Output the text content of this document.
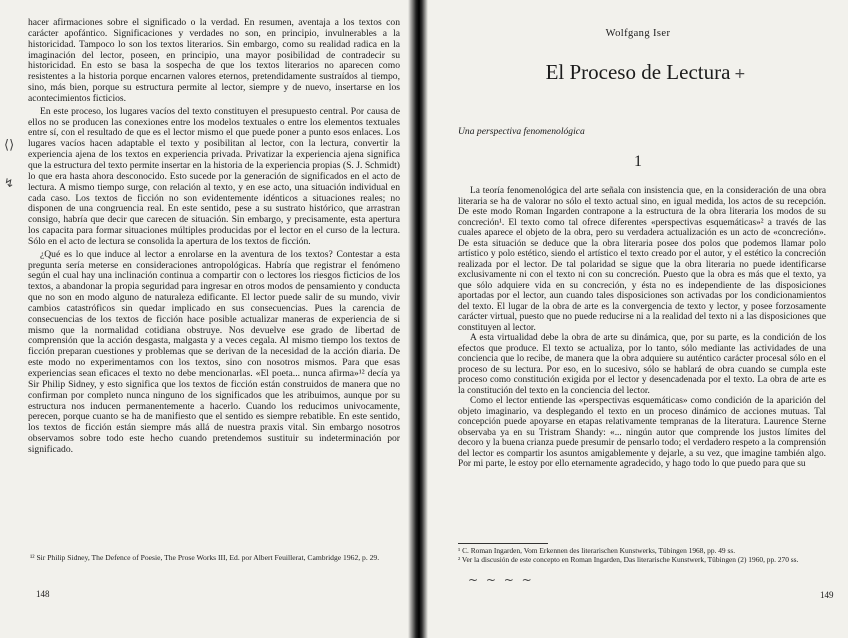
hacer afirmaciones sobre el significado o la verdad. En resumen, aventaja a los textos con carácter apofántico. Significaciones y verdades no son, en principio, invulnerables a la historicidad. Tampoco lo son los textos literarios. Sin embargo, como su realidad radica en la imaginación del lector, poseen, en principio, una mayor posibilidad de contradecir su historicidad. En esto se basa la sospecha de que los textos literarios no aparecen como resistentes a la historia porque encarnen valores eternos, pretendidamente sustraídos al tiempo, sino, más bien, porque su estructura permite al lector, siempre y de nuevo, insertarse en los acontecimientos ficticios.

En este proceso, los lugares vacíos del texto constituyen el presupuesto central. Por causa de ellos no se producen las conexiones entre los modelos textuales o entre los elementos textuales entre sí, con el resultado de que es el lector mismo el que puede poner a punto esos enlaces. Los lugares vacíos hacen adaptable el texto y posibilitan al lector, con la lectura, convertir la experiencia ajena de los textos en experiencia privada. Privatizar la experiencia ajena significa que la estructura del texto permite insertar en la historia de la experiencia propias (S. J. Schmidt) lo que era hasta ahora desconocido. Esto sucede por la generación de significados en el acto de lectura. A mismo tiempo surge, con relación al texto, y en ese acto, una situación individual en cada caso. Los textos de ficción no son evidentemente idénticos a situaciones reales; no disponen de una congruencia real. En este sentido, pese a su sustrato histórico, que arrastran consigo, habría que decir que carecen de situación. Sin embargo, y precisamente, esta apertura los capacita para formar situaciones múltiples producidas por el lector en el curso de la lectura. Sólo en el acto de lectura se consolida la apertura de los textos de ficción.

¿Qué es lo que induce al lector a enrolarse en la aventura de los textos? Contestar a esta pregunta sería meterse en consideraciones antropológicas. Habría que registrar el fenómeno según el cual hay una inclinación continua a compartir con o lectores los riesgos ficticios de los textos, a abandonar la propia seguridad para ingresar en otros modos de pensamiento y conducta que no son en modo alguno de naturaleza edificante. El lector puede salir de su mundo, vivir cambios catastróficos sin quedar implicado en sus consecuencias. Pues la carencia de consecuencias de los textos de ficción hace posible actualizar maneras de experiencia de si mismo que la normalidad cotidiana obstruye. Nos devuelve ese grado de libertad de comprensión que la acción desgasta, malgasta y a veces cegala. Al mismo tiempo los textos de ficción preparan cuestiones y problemas que se derivan de la necesidad de la acción diaria. De este modo no experimentamos con los textos, sino con nosotros mismos. Para que esas experiencias sean eficaces el texto no debe mencionarlas. «El poeta... nunca afirma»¹² decía ya Sir Philip Sidney, y esto significa que los textos de ficción están construidos de manera que no confirman por completo nunca ninguno de los significados que les atribuimos, aunque por su estructura nos inducen permanentemente a hacerlo. Cuando los reducimos univocamente, perecen, porque cuanto se ha de manifiesto que el sentido es siempre rebatible. En este sentido, los textos de ficción están siempre más allá de nuestra praxis vital. Sin embargo nosotros observamos sobre todo este hecho cuando pretendemos sustituir su indeterminación por significado.

¹² Sir Philip Sidney, The Defence of Poesie, The Prose Works III, Ed. por Albert Feuillerat, Cambridge 1962, p. 29.
148
⟨⟩
↯
Wolfgang Iser
El Proceso de Lectura +
Una perspectiva fenomenológica
1

La teoría fenomenológica del arte señala con insistencia que, en la consideración de una obra literaria se ha de valorar no sólo el texto actual sino, en igual medida, los actos de su recepción. De este modo Roman Ingarden contrapone a la estructura de la obra literaria los modos de su concreción¹. El texto como tal ofrece diferentes «perspectivas esquemáticas»² a través de las cuales aparece el objeto de la obra, pero su verdadera actualización es un acto de «concreción». De esta situación se deduce que la obra literaria posee dos polos que podemos llamar polo artístico y polo estético, siendo el artístico el texto creado por el autor, y el estético la concreción realizada por el lector. De tal polaridad se sigue que la obra literaria no puede identificarse exclusivamente ni con el texto ni con su concreción. Puesto que la obra es más que el texto, ya que sólo adquiere vida en su concreción, y ésta no es independiente de las disposiciones aportadas por el lector, aun cuando tales disposiciones son activadas por los condicionamientos del texto. El lugar de la obra de arte es la convergencia de texto y lector, y posee forzosamente carácter virtual, puesto que no puede reducirse ni a la realidad del texto ni a las disposiciones que constituyen al lector.

A esta virtualidad debe la obra de arte su dinámica, que, por su parte, es la condición de los efectos que produce. El texto se actualiza, por lo tanto, sólo mediante las actividades de una conciencia que lo recibe, de manera que la obra adquiere su auténtico carácter procesal sólo en el proceso de su lectura. Por eso, en lo sucesivo, sólo se hablará de obra cuando se cumpla este proceso como constitución exigida por el lector y desencadenada por el texto. La obra de arte es la constitución del texto en la conciencia del lector.

Como el lector entiende las «perspectivas esquemáticas» como condición de la aparición del objeto imaginario, va desplegando el texto en un proceso dinámico de acciones mutuas. Tal concepción puede apoyarse en etapas relativamente tempranas de la literatura. Laurence Sterne observaba ya en su Tristram Shandy: «... ningún autor que comprende los justos límites del decoro y la buena crianza puede presumir de pensarlo todo; el verdadero respeto a la comprensión del lector es compartir los asuntos amigablemente y dejarle, a su vez, que imagine también algo. Por mi parte, le estoy por ello eternamente agradecido, y hago todo lo que puedo para que su

¹ C. Roman Ingarden, Vom Erkennen des literarischen Kunstwerks, Tübingen 1968, pp. 49 ss.
² Ver la discusión de este concepto en Roman Ingarden, Das literarische Kunstwerk, Tübingen (2) 1960, pp. 270 ss.
~ ~ ~ ~
149
